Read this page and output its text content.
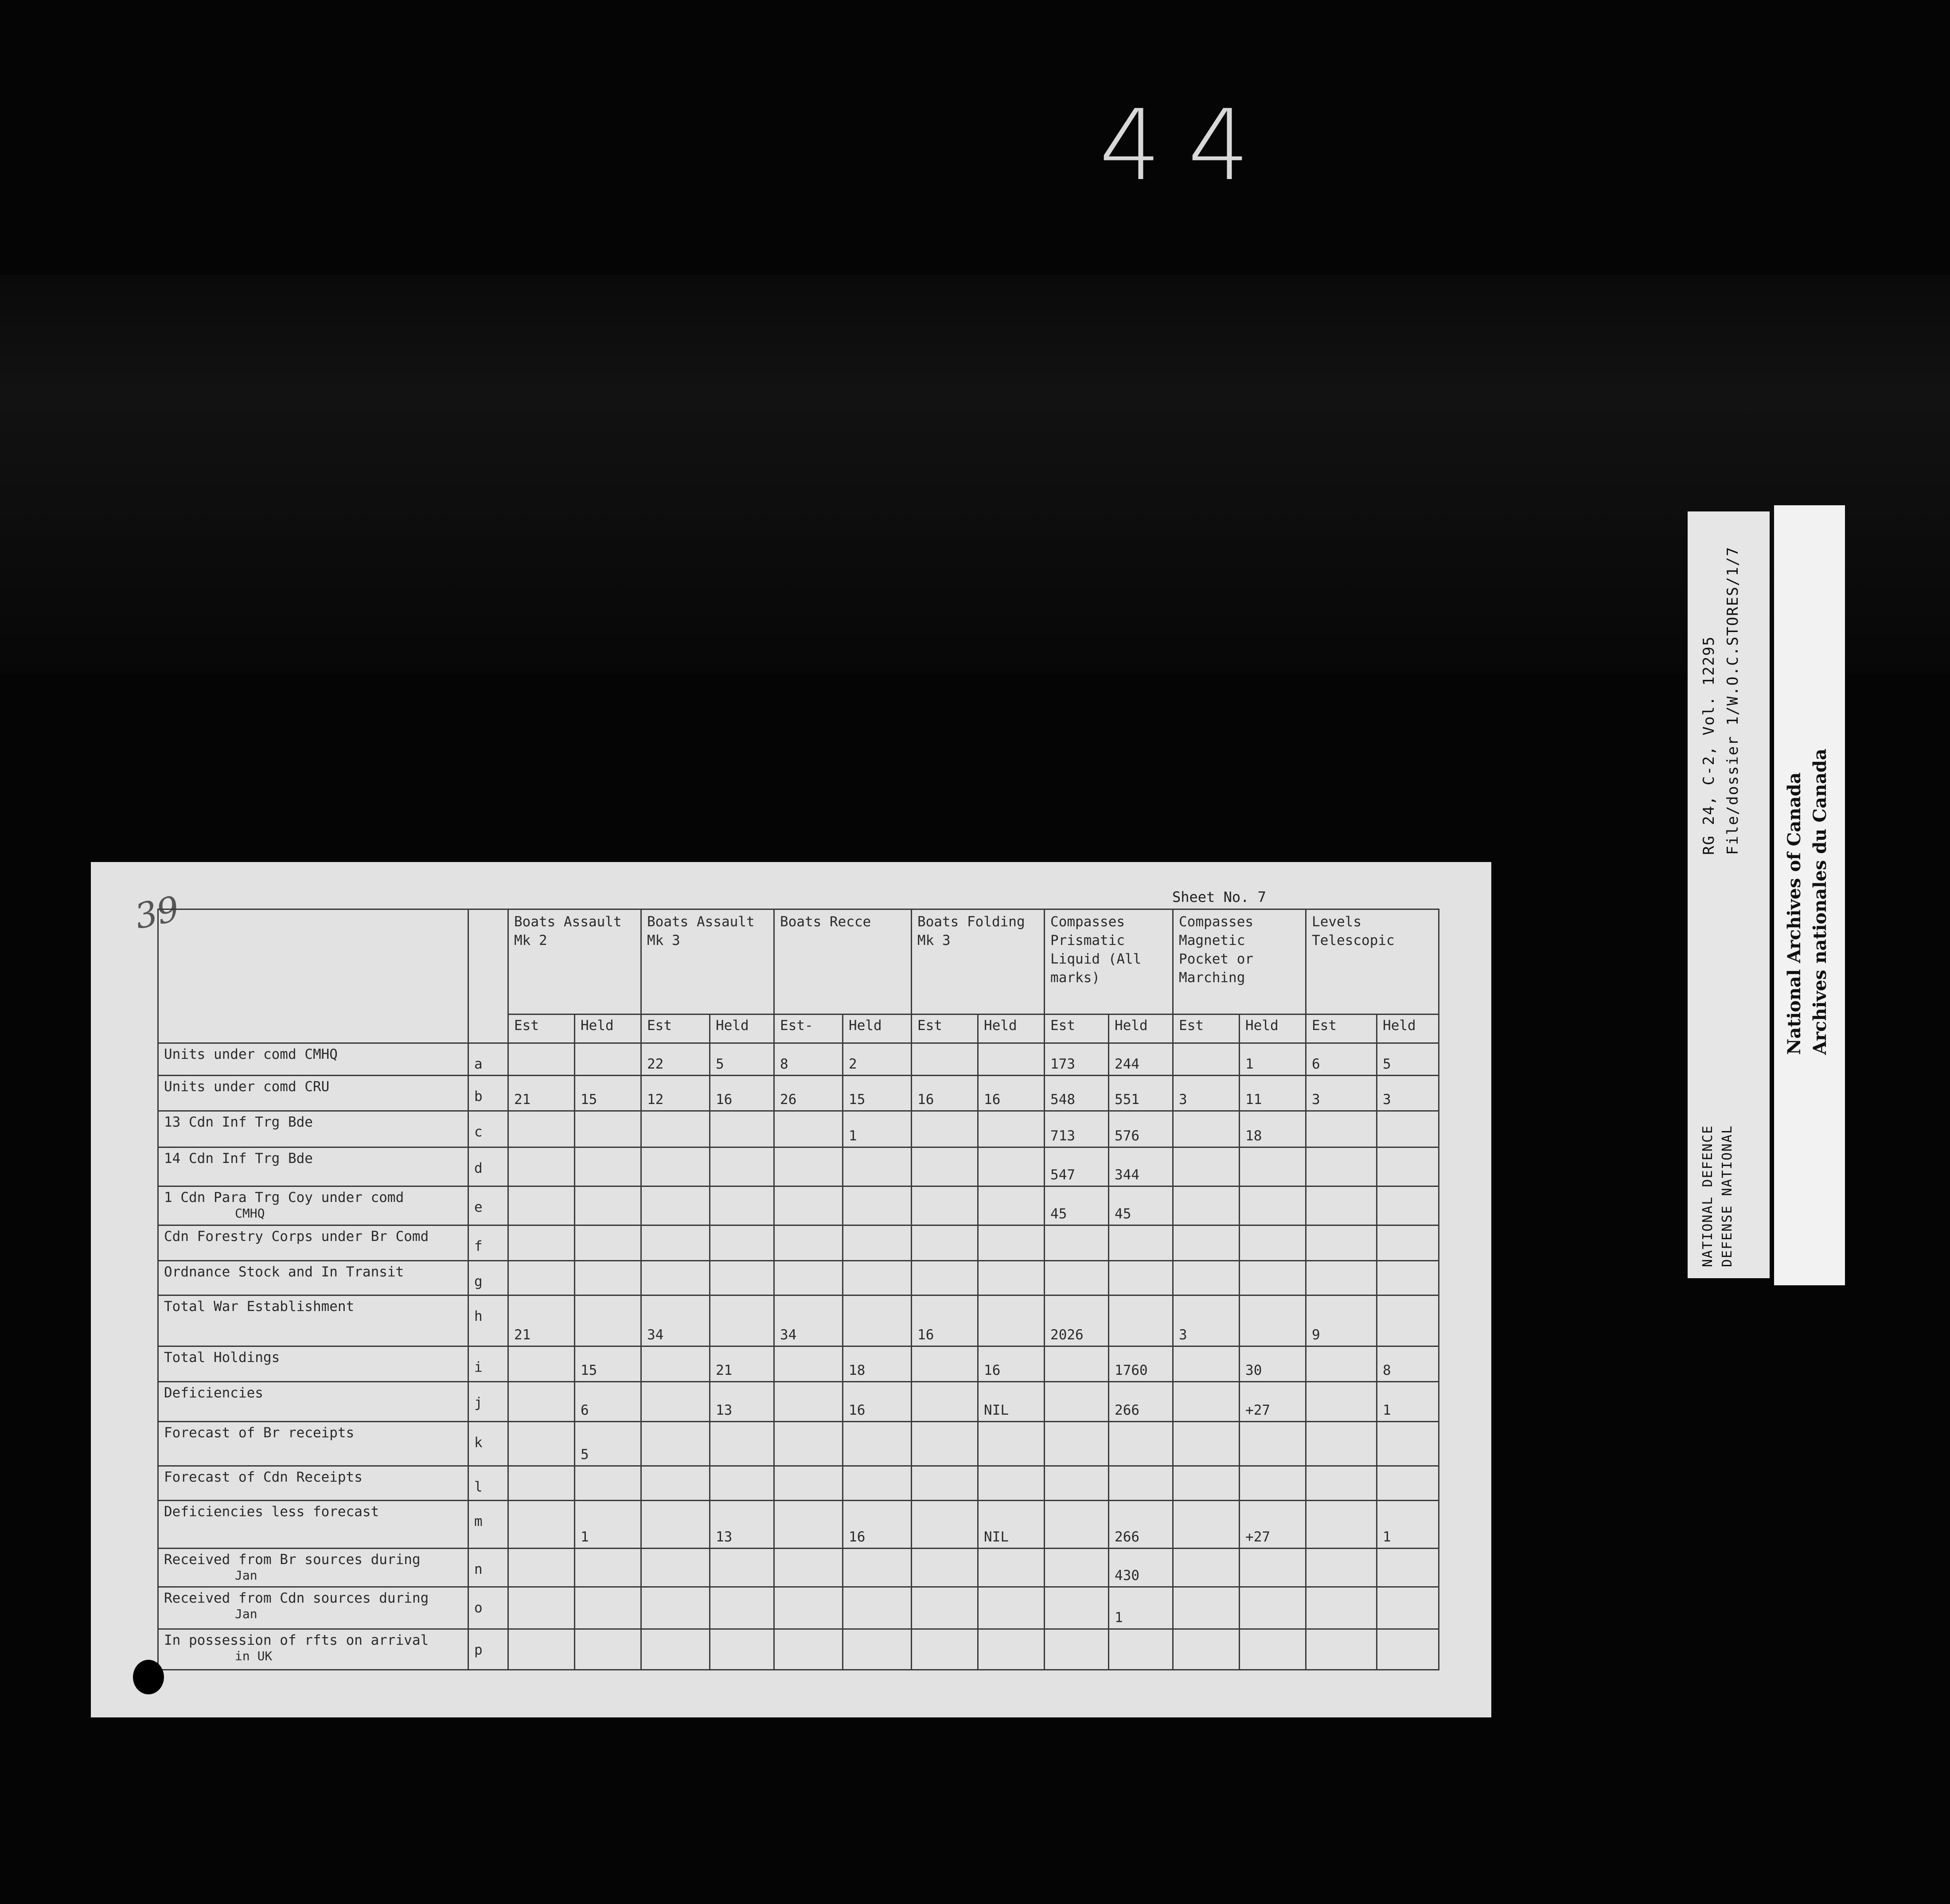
44
RG 24, C-2, Vol. 12295 File/dossier 1/W.O.C.STORES/1/7
NATIONAL DEFENCE DEFENSE NATIONAL
National Archives of Canada Archives nationales du Canada
39	Sheet No. 7
		Boats Assault Mk 2		Boats Assault Mk 3		Boats Recce		Boats Folding Mk 3		Compasses Prismatic Liquid (All marks)		Compasses Magnetic Pocket or Marching		Levels Telescopic	
		Est	Held	Est	Held	Est-	Held	Est	Held	Est	Held	Est	Held	Est	Held
Units under comd CMHQ	a			22	5	8	2			173	244		1	6	5
Units under comd CRU	b	21	15	12	16	26	15	16	16	548	551	3	11	3	3
13 Cdn Inf Trg Bde	c						1			713	576		18		
14 Cdn Inf Trg Bde	d									547	344				
1 Cdn Para Trg Coy under comd
CMHQ	e									45	45				
Cdn Forestry Corps under Br Comd	f														
Ordnance Stock and In Transit	g														
Total War Establishment	h	21		34		34		16		2026		3		9	
Total Holdings	i		15		21		18		16		1760		30		8
Deficiencies	j		6		13		16		NIL		266		+27		1
Forecast of Br receipts	k		5												
Forecast of Cdn Receipts	l														
Deficiencies less forecast	m		1		13		16		NIL		266		+27		1
Received from Br sources during
Jan	n										430				
Received from Cdn sources during
Jan	o										1				
In possession of rfts on arrival
in UK	p														
